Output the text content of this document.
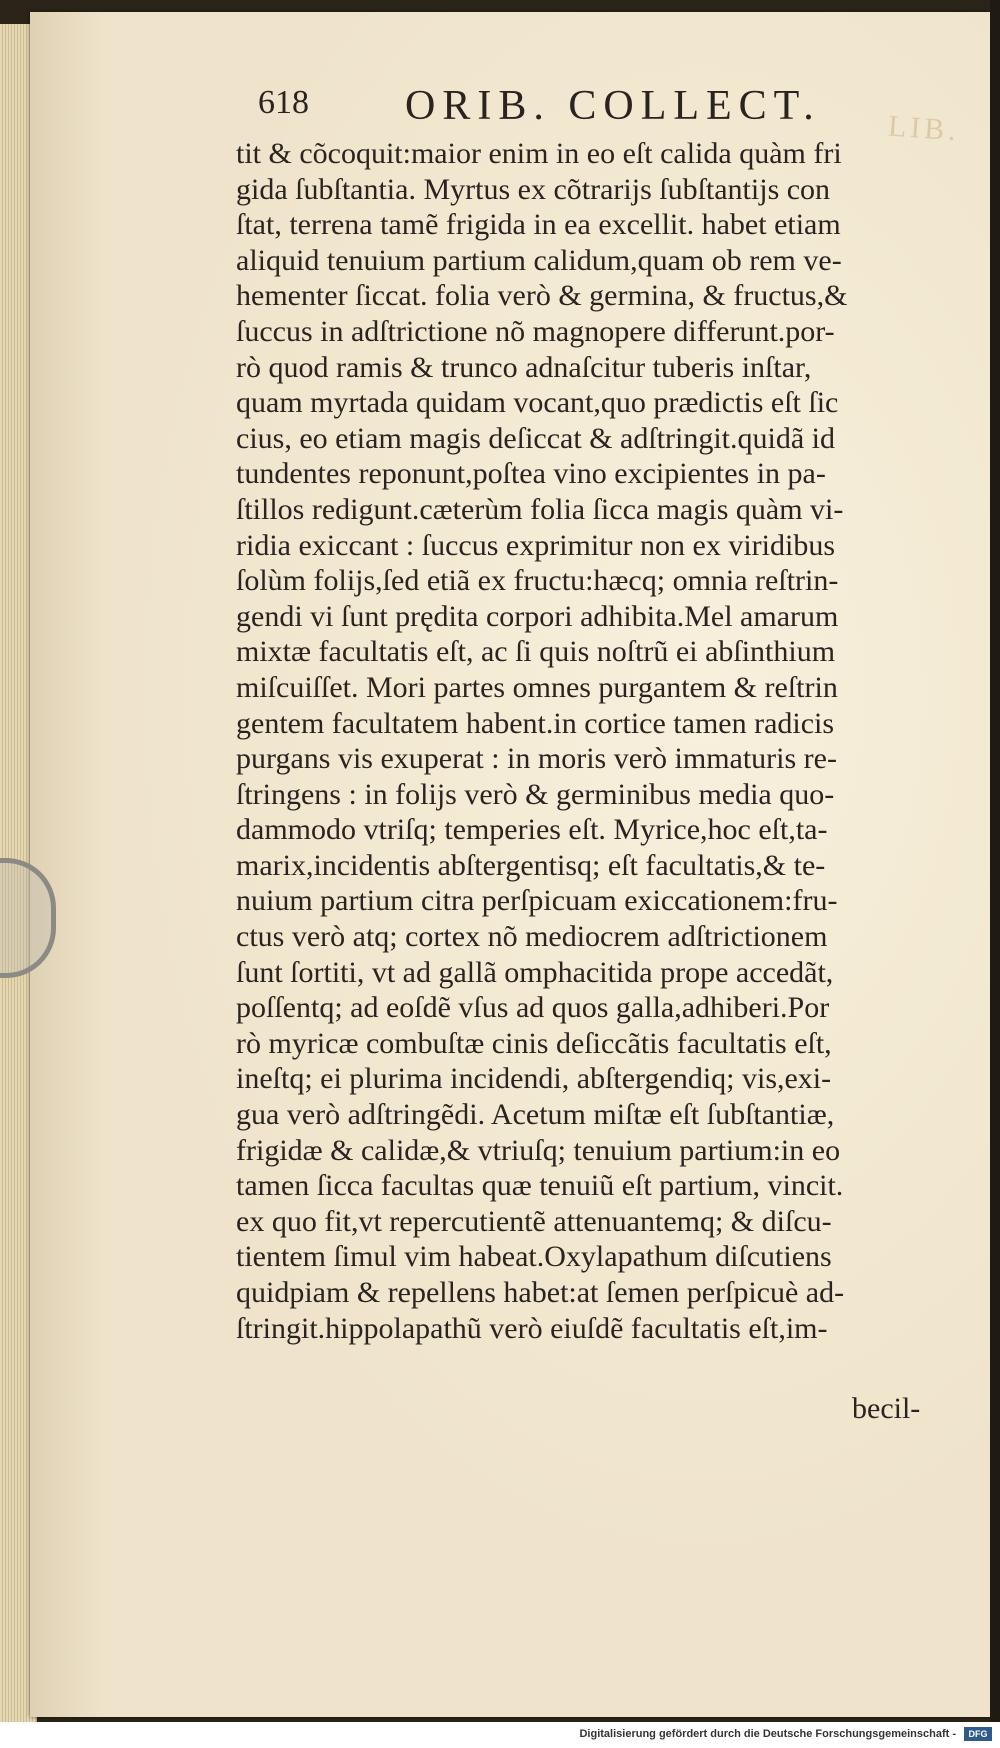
618 ORIB. COLLECT. LIB.
tit & cõcoquit:maior enim in eo eſt calida quàm fri
gida ſubſtantia. Myrtus ex cõtrarijs ſubſtantijs con
ſtat, terrena tamẽ frigida in ea excellit. habet etiam
aliquid tenuium partium calidum,quam ob rem ve-
hementer ſiccat. folia verò & germina, & fructus,&
ſuccus in adſtrictione nõ magnopere differunt.por-
rò quod ramis & trunco adnaſcitur tuberis inſtar,
quam myrtada quidam vocant,quo prædictis eſt ſic
cius, eo etiam magis deſiccat & adſtringit.quidã id
tundentes reponunt,poſtea vino excipientes in pa-
ſtillos redigunt.cæterùm folia ſicca magis quàm vi-
ridia exiccant : ſuccus exprimitur non ex viridibus
ſolùm folijs,ſed etiã ex fructu:hæcq; omnia reſtrin-
gendi vi ſunt prędita corpori adhibita.Mel amarum
mixtæ facultatis eſt, ac ſi quis noſtrũ ei abſinthium
miſcuiſſet. Mori partes omnes purgantem & reſtrin
gentem facultatem habent.in cortice tamen radicis
purgans vis exuperat : in moris verò immaturis re-
ſtringens : in folijs verò & germinibus media quo-
dammodo vtriſq; temperies eſt. Myrice,hoc eſt,ta-
marix,incidentis abſtergentisq; eſt facultatis,& te-
nuium partium citra perſpicuam exiccationem:fru-
ctus verò atq; cortex nõ mediocrem adſtrictionem
ſunt ſortiti, vt ad gallã omphacitida prope accedãt,
poſſentq; ad eoſdẽ vſus ad quos galla,adhiberi.Por
rò myricæ combuſtæ cinis deſiccãtis facultatis eſt,
ineſtq; ei plurima incidendi, abſtergendiq; vis,exi-
gua verò adſtringẽdi. Acetum miſtæ eſt ſubſtantiæ,
frigidæ & calidæ,& vtriuſq; tenuium partium:in eo
tamen ſicca facultas quæ tenuiũ eſt partium, vincit.
ex quo fit,vt repercutientẽ attenuantemq; & diſcu-
tientem ſimul vim habeat.Oxylapathum diſcutiens
quidpiam & repellens habet:at ſemen perſpicuè ad-
ſtringit.hippolapathũ verò eiuſdẽ facultatis eſt,im-
becil-
Digitalisierung gefördert durch die Deutsche Forschungsgemeinschaft -	DFG
